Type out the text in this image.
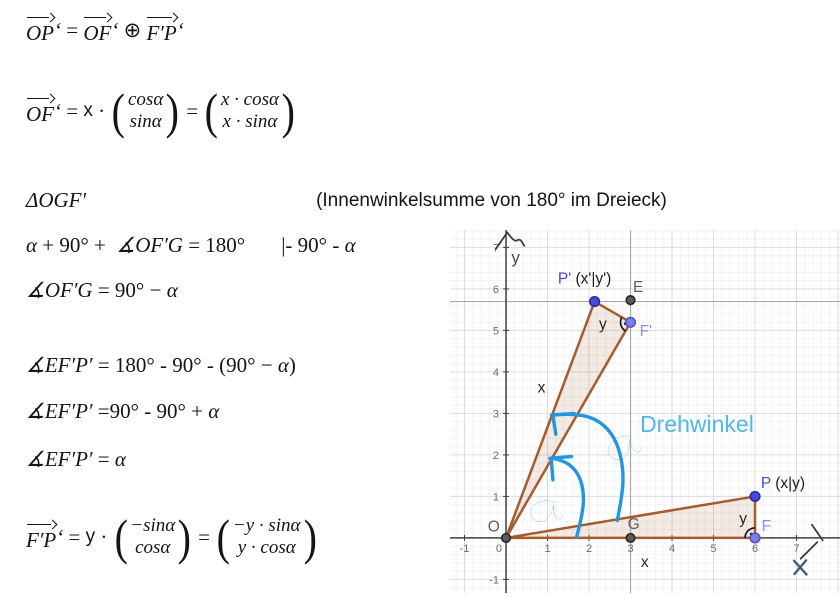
OP ‘ = OF ‘ ⊕ F′P ‘
OF ‘ = x · ( cosα
sinα ) = ( x · cosα
x · sinα )
ΔOGF′	(Innenwinkelsumme von 180° im Dreieck)
α + 90° + ∡OF′G = 180° |- 90° - α
∡OF′G = 90° − α
∡EF′P′ = 180° - 90° - (90° − α )
∡EF′P′ =90° - 90° + α
∡EF′P′ = α
F′P ‘ = y · ( −sinα
cosα ) = ( −y · sinα
y · cosα )	-1 0	1	2	3	4	5	6	7
-1
1
2
3
4
5
6
7
P' (x'|y') E
F'
y
x
O	G
P (x|y)
F
y
x
y
Drehwinkel
